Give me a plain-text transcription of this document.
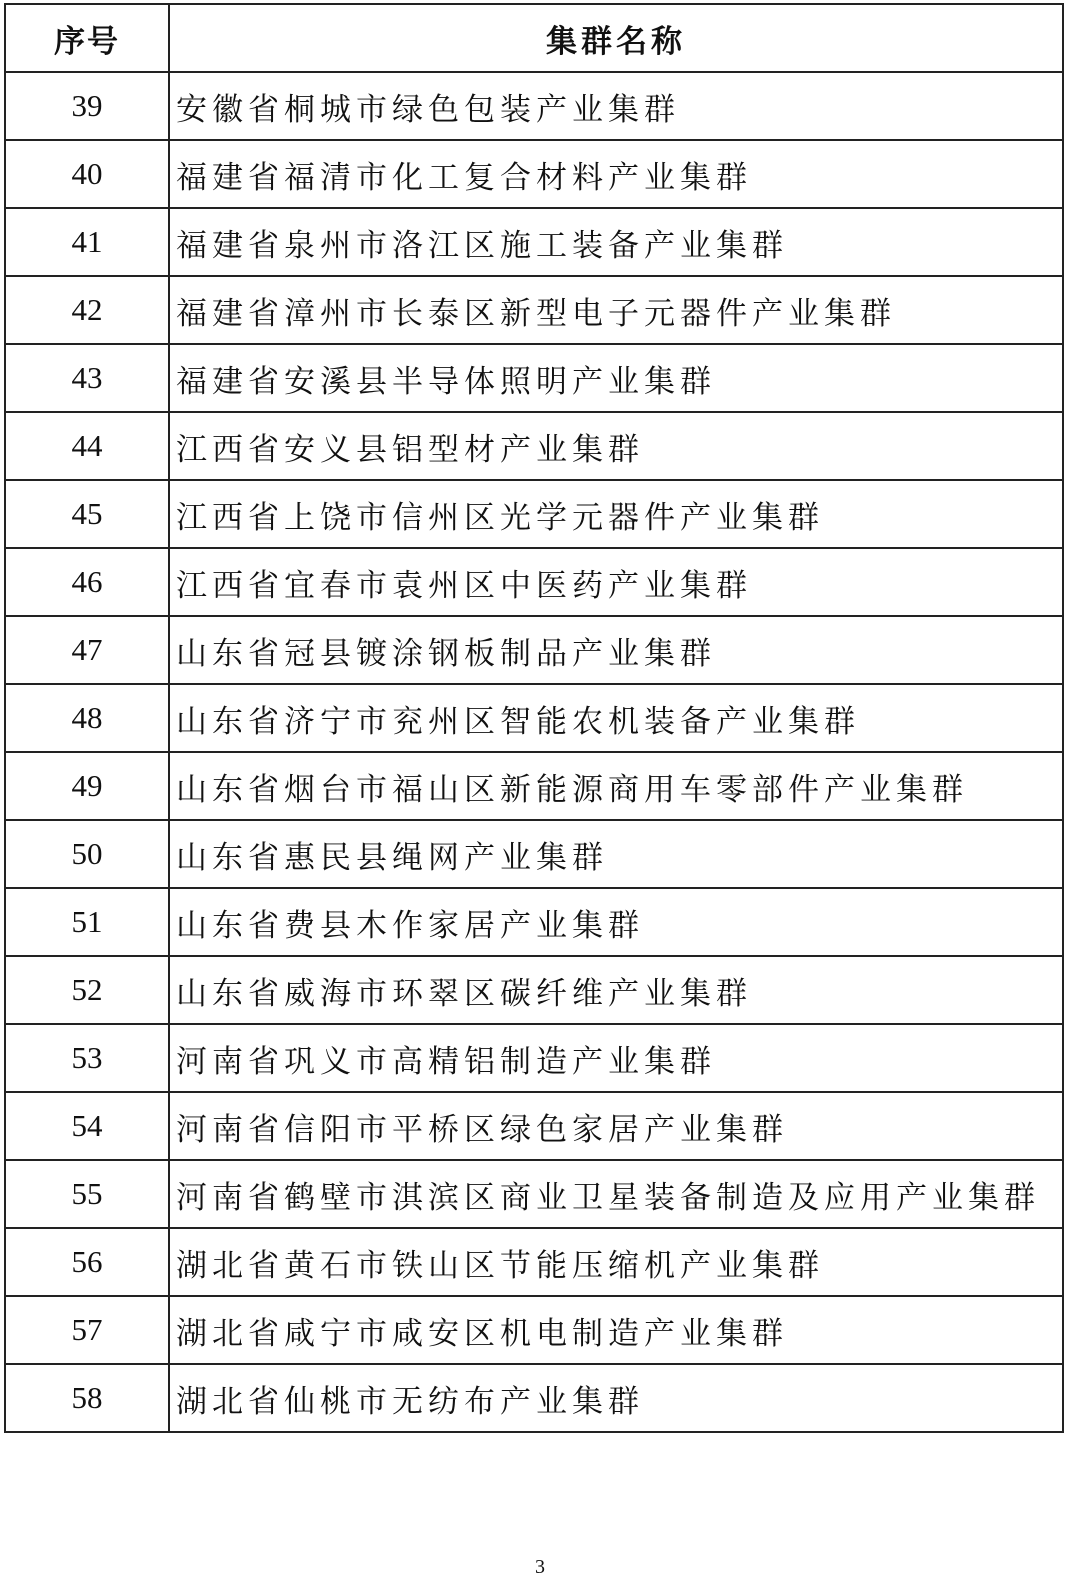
序号	集群名称
39	安徽省桐城市绿色包装产业集群
40	福建省福清市化工复合材料产业集群
41	福建省泉州市洛江区施工装备产业集群
42	福建省漳州市长泰区新型电子元器件产业集群
43	福建省安溪县半导体照明产业集群
44	江西省安义县铝型材产业集群
45	江西省上饶市信州区光学元器件产业集群
46	江西省宜春市袁州区中医药产业集群
47	山东省冠县镀涂钢板制品产业集群
48	山东省济宁市兖州区智能农机装备产业集群
49	山东省烟台市福山区新能源商用车零部件产业集群
50	山东省惠民县绳网产业集群
51	山东省费县木作家居产业集群
52	山东省威海市环翠区碳纤维产业集群
53	河南省巩义市高精铝制造产业集群
54	河南省信阳市平桥区绿色家居产业集群
55	河南省鹤壁市淇滨区商业卫星装备制造及应用产业集群
56	湖北省黄石市铁山区节能压缩机产业集群
57	湖北省咸宁市咸安区机电制造产业集群
58	湖北省仙桃市无纺布产业集群
3
